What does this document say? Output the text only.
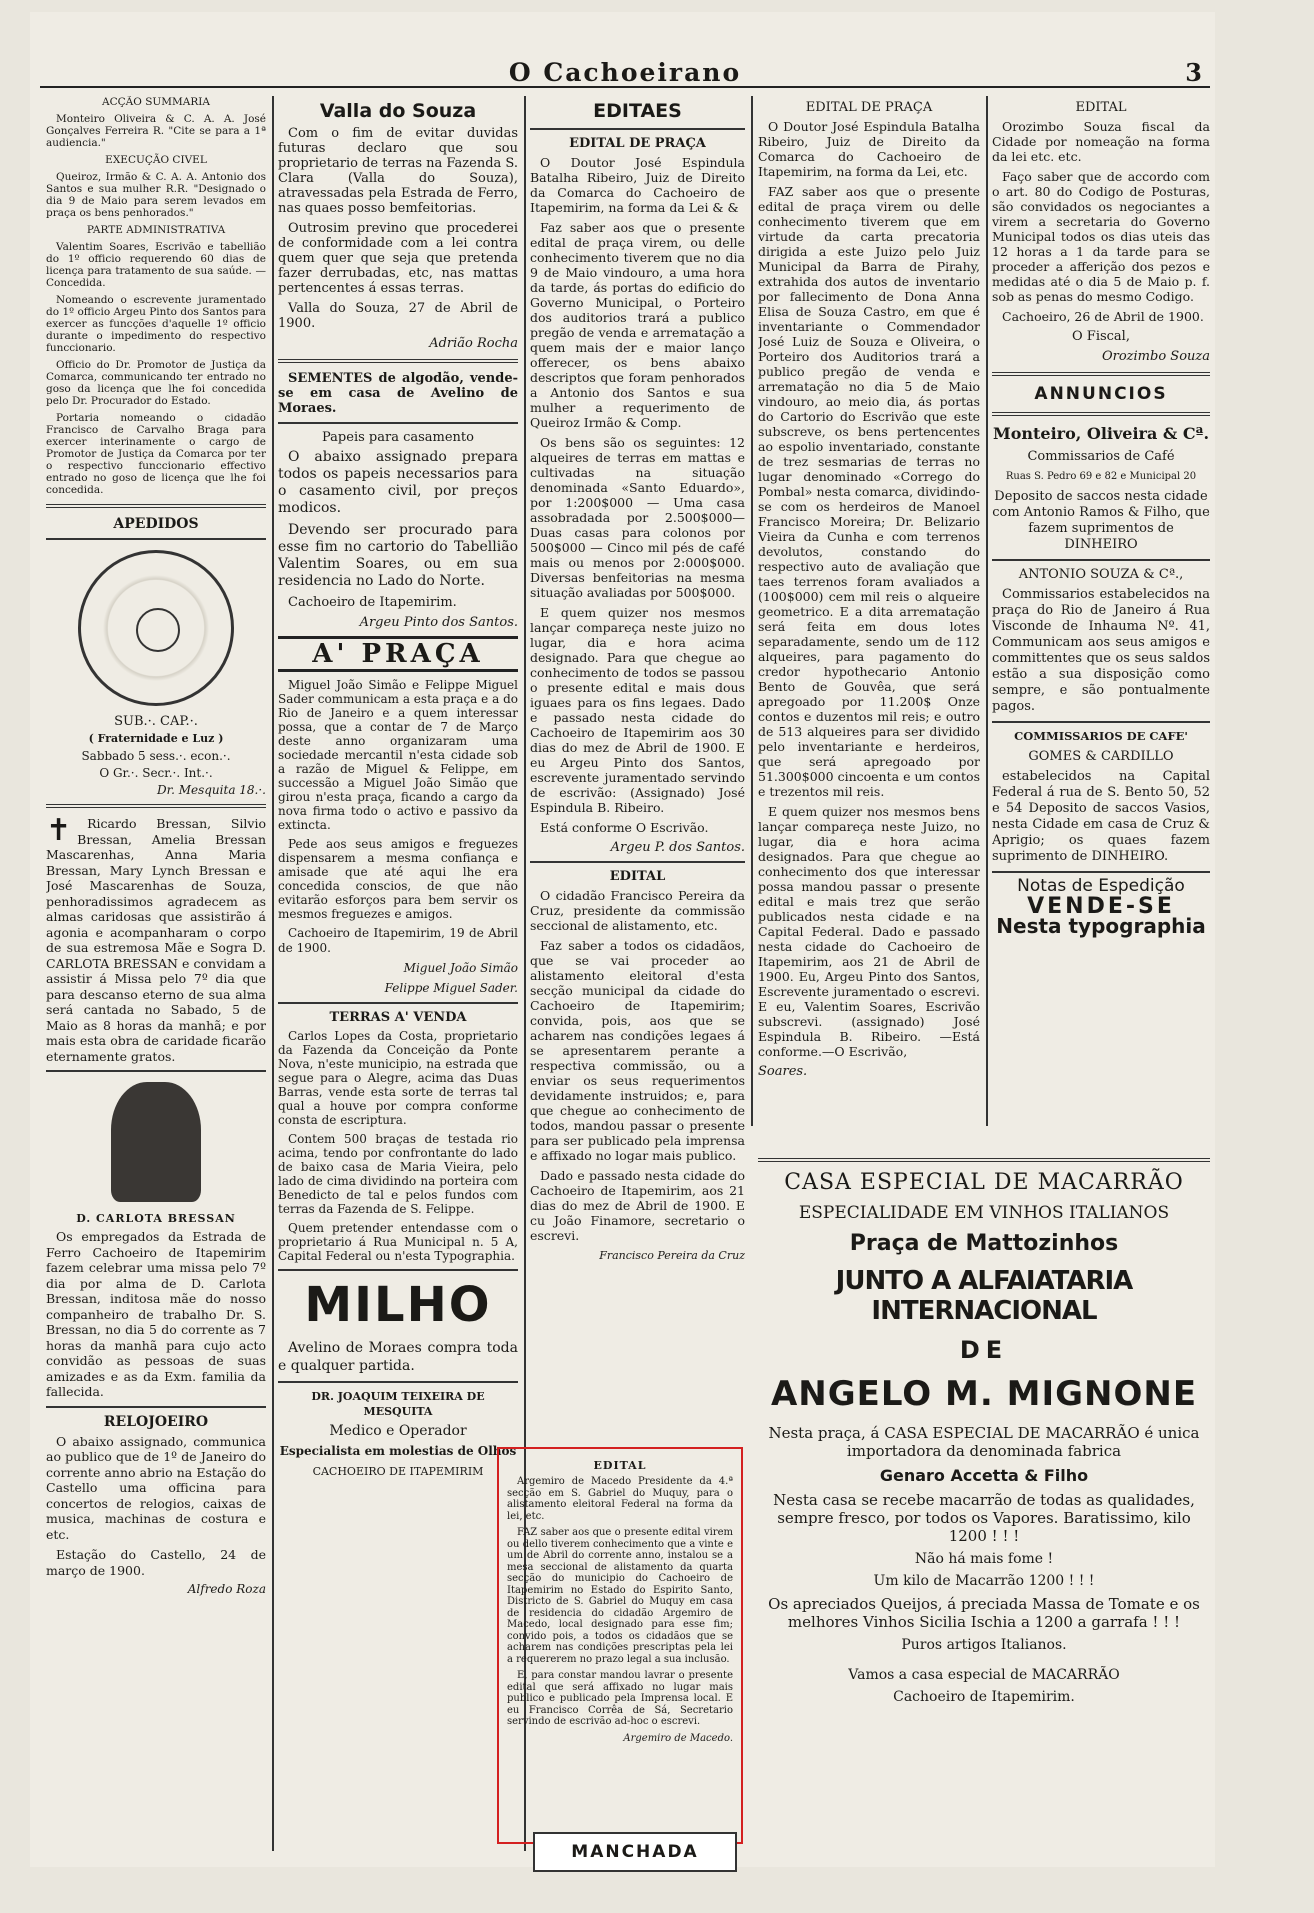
O Cachoeirano	3

ACÇÃO SUMMARIA

Monteiro Oliveira & C. A. A. José Gonçalves Ferreira R. "Cite se para a 1ª audiencia."

EXECUÇÃO CIVEL

Queiroz, Irmão & C. A. A. Antonio dos Santos e sua mulher R.R. "Designado o dia 9 de Maio para serem levados em praça os bens penhorados."

PARTE ADMINISTRATIVA

Valentim Soares, Escrivão e tabellião do 1º officio requerendo 60 dias de licença para tratamento de sua saúde. —Concedida.

Nomeando o escrevente juramentado do 1º officio Argeu Pinto dos Santos para exercer as funcções d'aquelle 1º officio durante o impedimento do respectivo funccionario.

Officio do Dr. Promotor de Justiça da Comarca, communicando ter entrado no goso da licença que lhe foi concedida pelo Dr. Procurador do Estado.

Portaria nomeando o cidadão Francisco de Carvalho Braga para exercer interinamente o cargo de Promotor de Justiça da Comarca por ter o respectivo funccionario effectivo entrado no goso de licença que lhe foi concedida.

APEDIDOS

SUB.·. CAP.·.

( Fraternidade e Luz )

Sabbado 5 sess.·. econ.·.

O Gr.·. Secr.·. Int.·.

Dr. Mesquita 18.·.

✝	Ricardo Bressan, Silvio Bressan, Amelia Bressan Mascarenhas, Anna Maria Bressan, Mary Lynch Bressan e José Mascarenhas de Souza, penhoradissimos agradecem as almas caridosas que assistirão á agonia e acompanharam o corpo de sua estremosa Mãe e Sogra D. CARLOTA BRESSAN e convidam a assistir á Missa pelo 7º dia que para descanso eterno de sua alma será cantada no Sabado, 5 de Maio as 8 horas da manhã; e por mais esta obra de caridade ficarão eternamente gratos.

D. CARLOTA BRESSAN

Os empregados da Estrada de Ferro Cachoeiro de Itapemirim fazem celebrar uma missa pelo 7º dia por alma de D. Carlota Bressan, inditosa mãe do nosso companheiro de trabalho Dr. S. Bressan, no dia 5 do corrente as 7 horas da manhã para cujo acto convidão as pessoas de suas amizades e as da Exm. familia da fallecida.

RELOJOEIRO

O abaixo assignado, communica ao publico que de 1º de Janeiro do corrente anno abrio na Estação do Castello uma officina para concertos de relogios, caixas de musica, machinas de costura e etc.

Estação do Castello, 24 de março de 1900.

Alfredo Roza

Valla do Souza

Com o fim de evitar duvidas futuras declaro que sou proprietario de terras na Fazenda S. Clara (Valla do Souza), atravessadas pela Estrada de Ferro, nas quaes posso bemfeitorias.

Outrosim previno que procederei de conformidade com a lei contra quem quer que seja que pretenda fazer derrubadas, etc, nas mattas pertencentes á essas terras.

Valla do Souza, 27 de Abril de 1900.

Adrião Rocha

SEMENTES de algodão, vende-se em casa de Avelino de Moraes.

Papeis para casamento

O abaixo assignado prepara todos os papeis necessarios para o casamento civil, por preços modicos.

Devendo ser procurado para esse fim no cartorio do Tabellião Valentim Soares, ou em sua residencia no Lado do Norte.

Cachoeiro de Itapemirim.

Argeu Pinto dos Santos.

A' PRAÇA

Miguel João Simão e Felippe Miguel Sader communicam a esta praça e a do Rio de Janeiro e a quem interessar possa, que a contar de 7 de Março deste anno organizaram uma sociedade mercantil n'esta cidade sob a razão de Miguel & Felippe, em successão a Miguel João Simão que girou n'esta praça, ficando a cargo da nova firma todo o activo e passivo da extincta.

Pede aos seus amigos e freguezes dispensarem a mesma confiança e amisade que até aqui lhe era concedida conscios, de que não evitarão esforços para bem servir os mesmos freguezes e amigos.

Cachoeiro de Itapemirim, 19 de Abril de 1900.

Miguel João Simão

Felippe Miguel Sader.

TERRAS A' VENDA

Carlos Lopes da Costa, proprietario da Fazenda da Conceição da Ponte Nova, n'este municipio, na estrada que segue para o Alegre, acima das Duas Barras, vende esta sorte de terras tal qual a houve por compra conforme consta de escriptura.

Contem 500 braças de testada rio acima, tendo por confrontante do lado de baixo casa de Maria Vieira, pelo lado de cima dividindo na porteira com Benedicto de tal e pelos fundos com terras da Fazenda de S. Felippe.

Quem pretender entendasse com o proprietario á Rua Municipal n. 5 A, Capital Federal ou n'esta Typographia.

MILHO

Avelino de Moraes compra toda e qualquer partida.

DR. JOAQUIM TEIXEIRA DE MESQUITA

Medico e Operador

Especialista em molestias de Olhos

CACHOEIRO DE ITAPEMIRIM

EDITAES
EDITAL DE PRAÇA

O Doutor José Espindula Batalha Ribeiro, Juiz de Direito da Comarca do Cachoeiro de Itapemirim, na forma da Lei & &

Faz saber aos que o presente edital de praça virem, ou delle conhecimento tiverem que no dia 9 de Maio vindouro, a uma hora da tarde, ás portas do edificio do Governo Municipal, o Porteiro dos auditorios trará a publico pregão de venda e arrematação a quem mais der e maior lanço offerecer, os bens abaixo descriptos que foram penhorados a Antonio dos Santos e sua mulher a requerimento de Queiroz Irmão & Comp.

Os bens são os seguintes: 12 alqueires de terras em mattas e cultivadas na situação denominada «Santo Eduardo», por 1:200$000 — Uma casa assobradada por 2.500$000—Duas casas para colonos por 500$000 — Cinco mil pés de café mais ou menos por 2:000$000. Diversas benfeitorias na mesma situação avaliadas por 500$000.

E quem quizer nos mesmos lançar compareça neste juizo no lugar, dia e hora acima designado. Para que chegue ao conhecimento de todos se passou o presente edital e mais dous iguaes para os fins legaes. Dado e passado nesta cidade do Cachoeiro de Itapemirim aos 30 dias do mez de Abril de 1900. E eu Argeu Pinto dos Santos, escrevente juramentado servindo de escrivão: (Assignado) José Espindula B. Ribeiro.

Está conforme O Escrivão.

Argeu P. dos Santos.

EDITAL

O cidadão Francisco Pereira da Cruz, presidente da commissão seccional de alistamento, etc.

Faz saber a todos os cidadãos, que se vai proceder ao alistamento eleitoral d'esta secção municipal da cidade do Cachoeiro de Itapemirim; convida, pois, aos que se acharem nas condições legaes á se apresentarem perante a respectiva commissão, ou a enviar os seus requerimentos devidamente instruidos; e, para que chegue ao conhecimento de todos, mandou passar o presente para ser publicado pela imprensa e affixado no logar mais publico.

Dado e passado nesta cidade do Cachoeiro de Itapemirim, aos 21 dias do mez de Abril de 1900. E cu João Finamore, secretario o escrevi.

Francisco Pereira da Cruz

EDITAL

Argemiro de Macedo Presidente da 4.ª secção em S. Gabriel do Muquy, para o alistamento eleitoral Federal na forma da lei, etc.

FAZ saber aos que o presente edital virem ou dello tiverem conhecimento que a vinte e um de Abril do corrente anno, instalou se a mesa seccional de alistamento da quarta secção do municipio do Cachoeiro de Itapemirim no Estado do Espirito Santo, Districto de S. Gabriel do Muquy em casa de residencia do cidadão Argemiro de Macedo, local designado para esse fim; convido pois, a todos os cidadãos que se acharem nas condições prescriptas pela lei a requererem no prazo legal a sua inclusão.

E, para constar mandou lavrar o presente edital que será affixado no lugar mais publico e publicado pela Imprensa local. E eu Francisco Corrêa de Sá, Secretario servindo de escrivão ad-hoc o escrevi.

Argemiro de Macedo.

EDITAL DE PRAÇA

O Doutor José Espindula Batalha Ribeiro, Juiz de Direito da Comarca do Cachoeiro de Itapemirim, na forma da Lei, etc.

FAZ saber aos que o presente edital de praça virem ou delle conhecimento tiverem que em virtude da carta precatoria dirigida a este Juizo pelo Juiz Municipal da Barra de Pirahy, extrahida dos autos de inventario por fallecimento de Dona Anna Elisa de Souza Castro, em que é inventariante o Commendador José Luiz de Souza e Oliveira, o Porteiro dos Auditorios trará a publico pregão de venda e arrematação no dia 5 de Maio vindouro, ao meio dia, ás portas do Cartorio do Escrivão que este subscreve, os bens pertencentes ao espolio inventariado, constante de trez sesmarias de terras no lugar denominado «Corrego do Pombal» nesta comarca, dividindo-se com os herdeiros de Manoel Francisco Moreira; Dr. Belizario Vieira da Cunha e com terrenos devolutos, constando do respectivo auto de avaliação que taes terrenos foram avaliados a (100$000) cem mil reis o alqueire geometrico. E a dita arrematação será feita em dous lotes separadamente, sendo um de 112 alqueires, para pagamento do credor hypothecario Antonio Bento de Gouvêa, que será apregoado por 11.200$ Onze contos e duzentos mil reis; e outro de 513 alqueires para ser dividido pelo inventariante e herdeiros, que será apregoado por 51.300$000 cincoenta e um contos e trezentos mil reis.

E quem quizer nos mesmos bens lançar compareça neste Juizo, no lugar, dia e hora acima designados. Para que chegue ao conhecimento dos que interessar possa mandou passar o presente edital e mais trez que serão publicados nesta cidade e na Capital Federal. Dado e passado nesta cidade do Cachoeiro de Itapemirim, aos 21 de Abril de 1900. Eu, Argeu Pinto dos Santos, Escrevente juramentado o escrevi. E eu, Valentim Soares, Escrivão subscrevi. (assignado) José Espindula B. Ribeiro. —Está conforme.—O Escrivão,

Soares.

EDITAL

Orozimbo Souza fiscal da Cidade por nomeação na forma da lei etc. etc.

Faço saber que de accordo com o art. 80 do Codigo de Posturas, são convidados os negociantes a virem a secretaria do Governo Municipal todos os dias uteis das 12 horas a 1 da tarde para se proceder a afferição dos pezos e medidas até o dia 5 de Maio p. f. sob as penas do mesmo Codigo.

Cachoeiro, 26 de Abril de 1900.

O Fiscal,

Orozimbo Souza

ANNUNCIOS

Monteiro, Oliveira & Cª.

Commissarios de Café

Ruas S. Pedro 69 e 82 e Municipal 20

Deposito de saccos nesta cidade com Antonio Ramos & Filho, que fazem suprimentos de DINHEIRO

ANTONIO SOUZA & Cª.,

Commissarios estabelecidos na praça do Rio de Janeiro á Rua Visconde de Inhauma Nº. 41, Communicam aos seus amigos e committentes que os seus saldos estão a sua disposição como sempre, e são pontualmente pagos.

COMMISSARIOS DE CAFE'

GOMES & CARDILLO

estabelecidos na Capital Federal á rua de S. Bento 50, 52 e 54 Deposito de saccos Vasios, nesta Cidade em casa de Cruz & Aprigio; os quaes fazem suprimento de DINHEIRO.

Notas de Espedição

VENDE-SE

Nesta typographia

CASA ESPECIAL DE MACARRÃO
ESPECIALIDADE EM VINHOS ITALIANOS
Praça de Mattozinhos
JUNTO A ALFAIATARIA INTERNACIONAL
DE
ANGELO M. MIGNONE
Nesta praça, á CASA ESPECIAL DE MACARRÃO é unica importadora da denominada fabrica
Genaro Accetta & Filho
Nesta casa se recebe macarrão de todas as qualidades, sempre fresco, por todos os Vapores. Baratissimo, kilo 1200 ! ! !
Não há mais fome !
Um kilo de Macarrão 1200 ! ! !
Os apreciados Queijos, á preciada Massa de Tomate e os melhores Vinhos Sicilia Ischia a 1200 a garrafa ! ! !
Puros artigos Italianos.
Vamos a casa especial de MACARRÃO
Cachoeiro de Itapemirim.
MANCHADA
